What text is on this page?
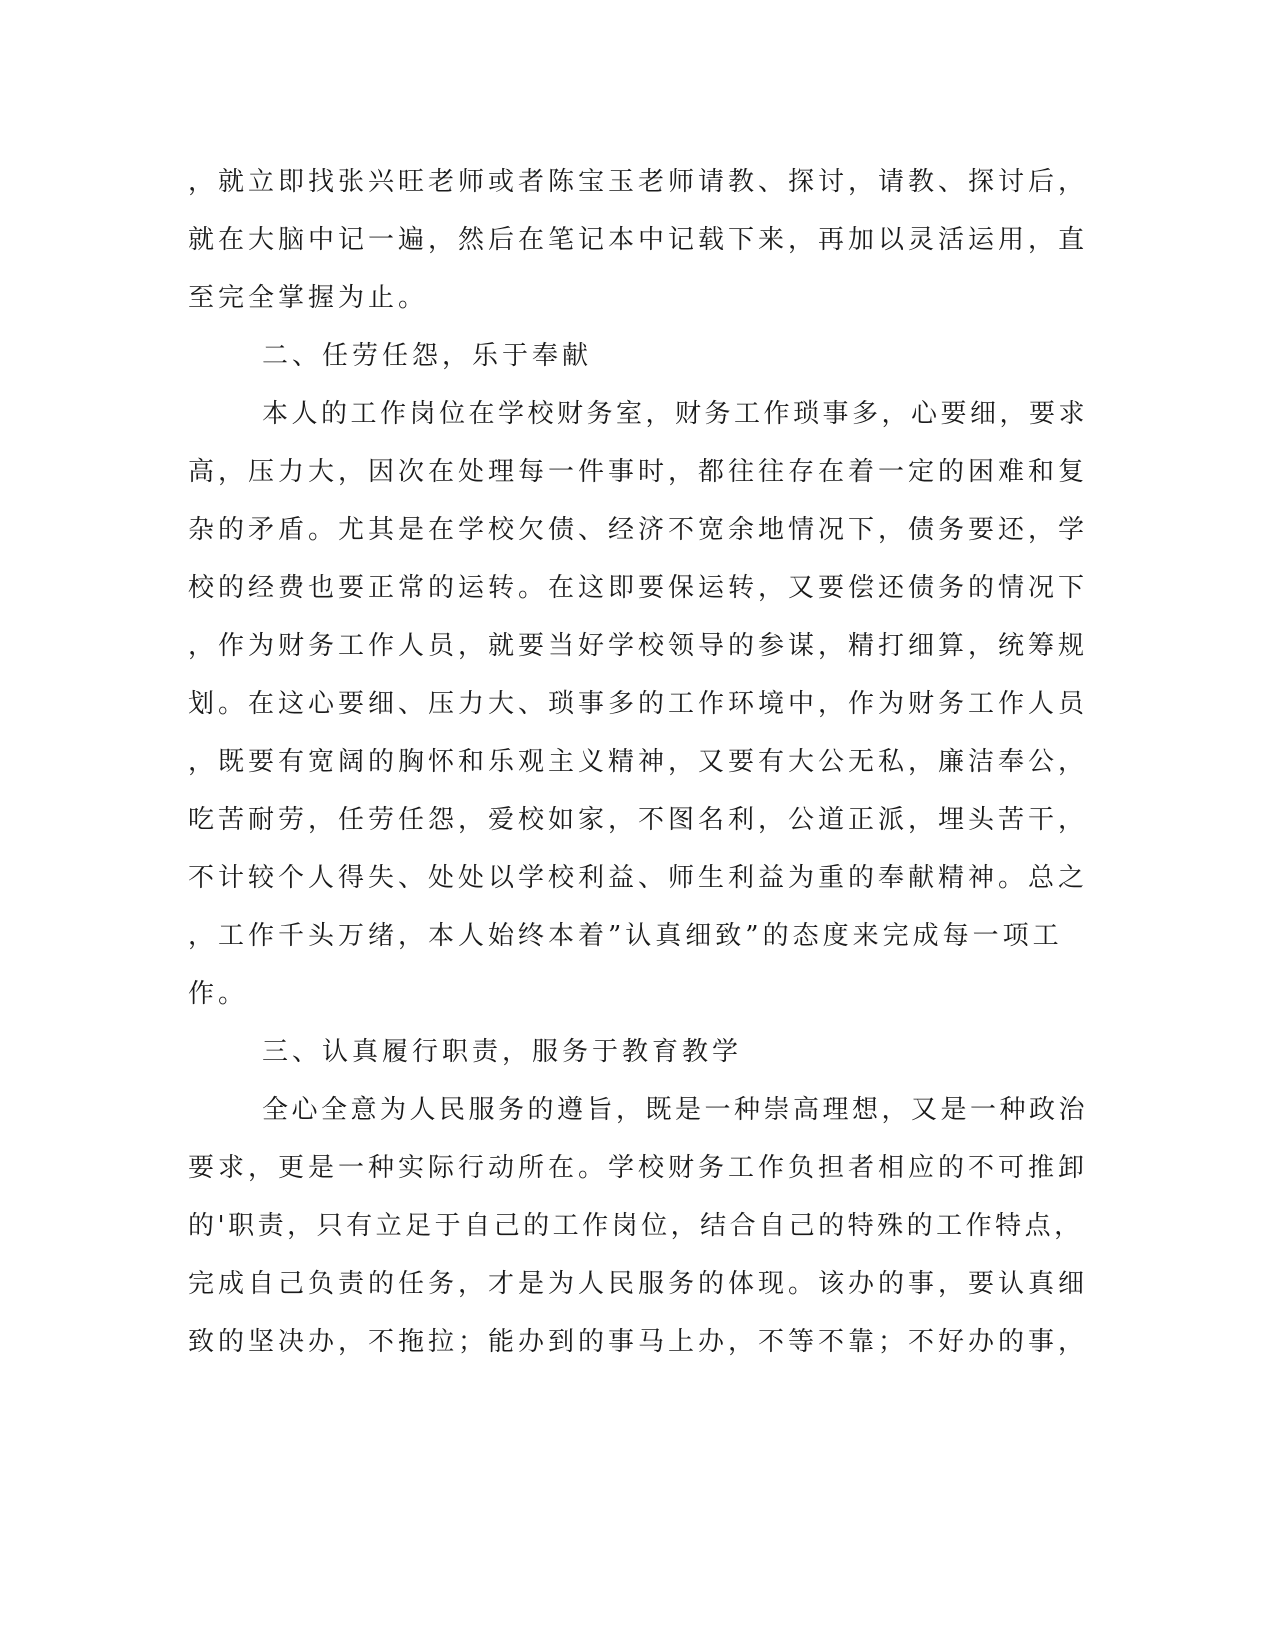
，就立即找张兴旺老师或者陈宝玉老师请教、探讨，请教、探讨后，
就在大脑中记一遍，然后在笔记本中记载下来，再加以灵活运用，直
至完全掌握为止。
二、任劳任怨，乐于奉献
本人的工作岗位在学校财务室，财务工作琐事多，心要细，要求
高，压力大，因次在处理每一件事时，都往往存在着一定的困难和复
杂的矛盾。尤其是在学校欠债、经济不宽余地情况下，债务要还，学
校的经费也要正常的运转。在这即要保运转，又要偿还债务的情况下
，作为财务工作人员，就要当好学校领导的参谋，精打细算，统筹规
划。在这心要细、压力大、琐事多的工作环境中，作为财务工作人员
，既要有宽阔的胸怀和乐观主义精神，又要有大公无私，廉洁奉公，
吃苦耐劳，任劳任怨，爱校如家，不图名利，公道正派，埋头苦干，
不计较个人得失、处处以学校利益、师生利益为重的奉献精神。总之
，工作千头万绪，本人始终本着”认真细致”的态度来完成每一项工
作。
三、认真履行职责，服务于教育教学
全心全意为人民服务的遵旨，既是一种崇高理想，又是一种政治
要求，更是一种实际行动所在。学校财务工作负担者相应的不可推卸
的'职责，只有立足于自己的工作岗位，结合自己的特殊的工作特点，
完成自己负责的任务，才是为人民服务的体现。该办的事，要认真细
致的坚决办，不拖拉；能办到的事马上办，不等不靠；不好办的事，
